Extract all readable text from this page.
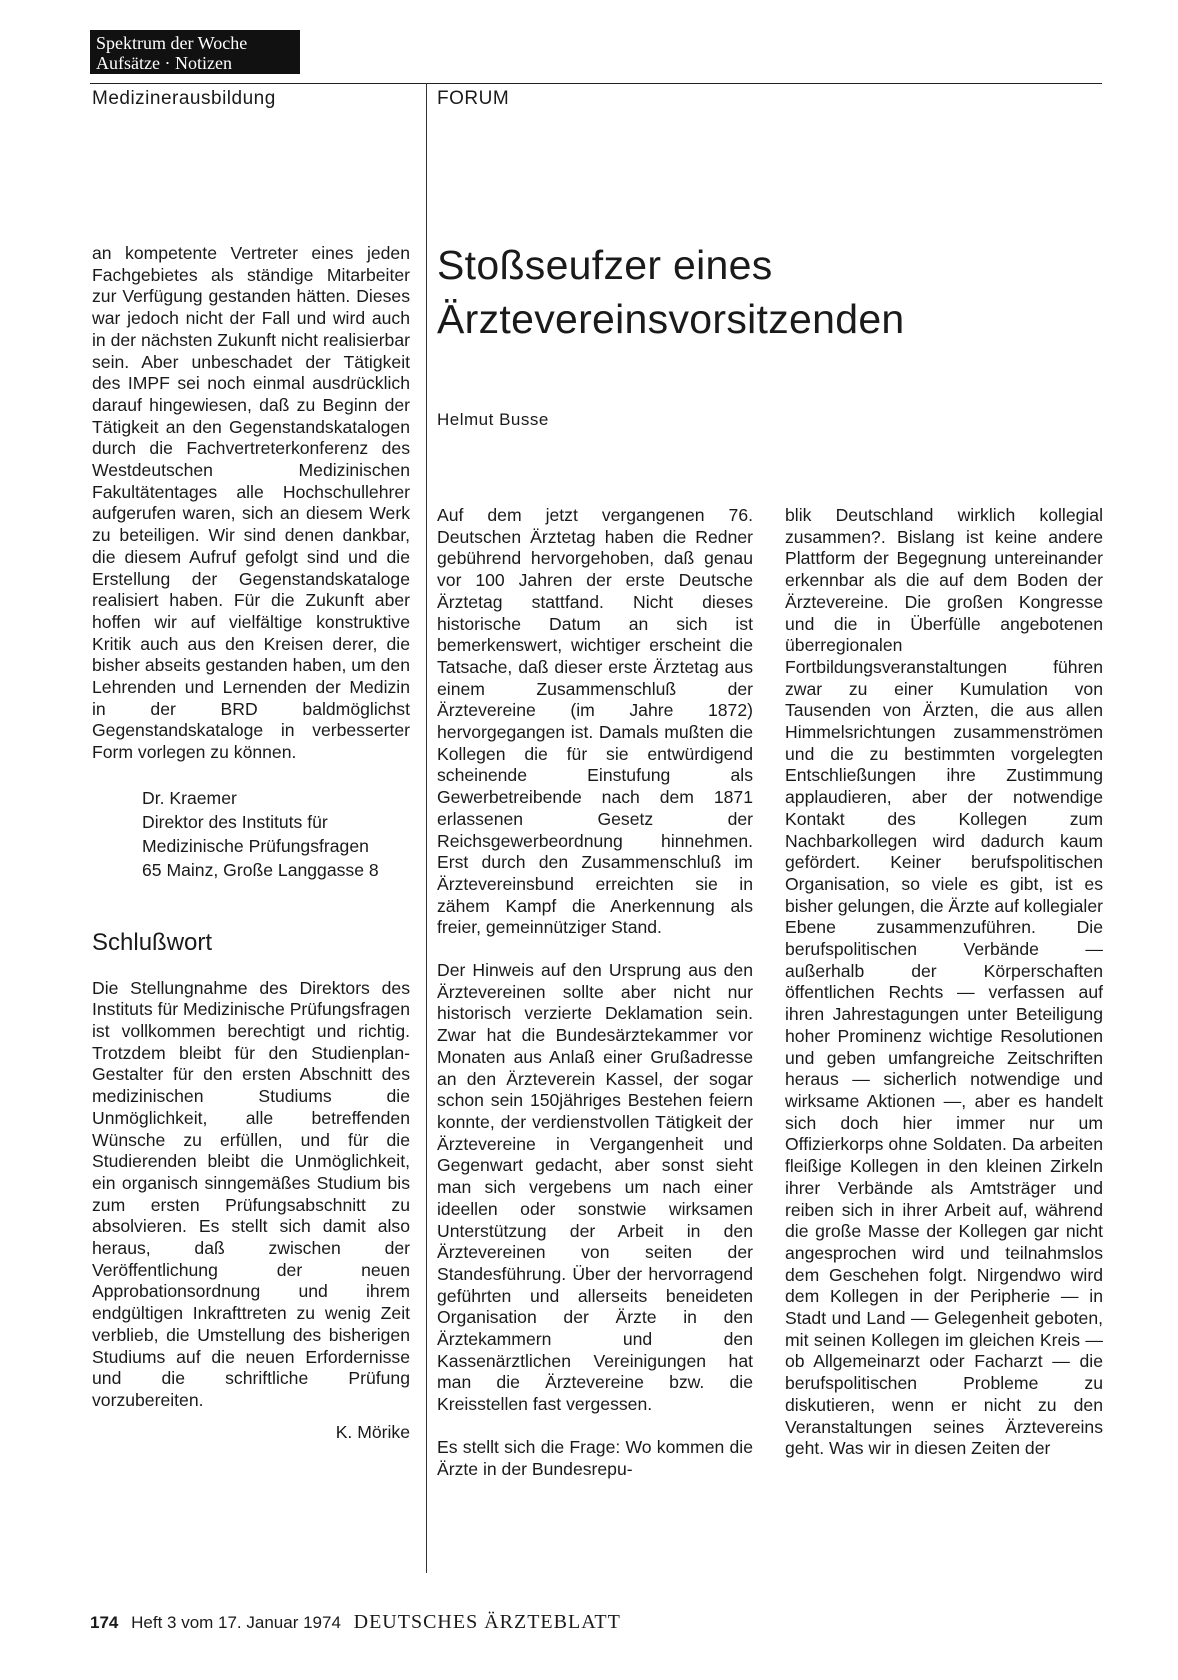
Spektrum der Woche
Aufsätze · Notizen
Medizinerausbildung	FORUM

an kompetente Vertreter eines jeden Fachgebietes als ständige Mitarbeiter zur Verfügung gestanden hätten. Dieses war jedoch nicht der Fall und wird auch in der nächsten Zukunft nicht realisierbar sein. Aber unbeschadet der Tätigkeit des IMPF sei noch einmal ausdrücklich darauf hingewiesen, daß zu Beginn der Tätigkeit an den Gegenstandskatalogen durch die Fachvertreterkonferenz des Westdeutschen Medizinischen Fakultätentages alle Hochschullehrer aufgerufen waren, sich an diesem Werk zu beteiligen. Wir sind denen dankbar, die diesem Aufruf gefolgt sind und die Erstellung der Gegenstandskataloge realisiert haben. Für die Zukunft aber hoffen wir auf vielfältige konstruktive Kritik auch aus den Kreisen derer, die bisher abseits gestanden haben, um den Lehrenden und Lernenden der Medizin in der BRD baldmöglichst Gegenstandskataloge in verbesserter Form vorlegen zu können.

Dr. Kraemer
Direktor des Instituts für
Medizinische Prüfungsfragen
65 Mainz, Große Langgasse 8
Schlußwort

Die Stellungnahme des Direktors des Instituts für Medizinische Prüfungsfragen ist vollkommen berechtigt und richtig. Trotzdem bleibt für den Studienplan-Gestalter für den ersten Abschnitt des medizinischen Studiums die Unmöglichkeit, alle betreffenden Wünsche zu erfüllen, und für die Studierenden bleibt die Unmöglichkeit, ein organisch sinngemäßes Studium bis zum ersten Prüfungsabschnitt zu absolvieren. Es stellt sich damit also heraus, daß zwischen der Veröffentlichung der neuen Approbationsordnung und ihrem endgültigen Inkrafttreten zu wenig Zeit verblieb, die Umstellung des bisherigen Studiums auf die neuen Erfordernisse und die schriftliche Prüfung vorzubereiten.

K. Mörike
Stoßseufzer eines
Ärztevereinsvorsitzenden
Helmut Busse

Auf dem jetzt vergangenen 76. Deutschen Ärztetag haben die Redner gebührend hervorgehoben, daß genau vor 100 Jahren der erste Deutsche Ärztetag stattfand. Nicht dieses historische Datum an sich ist bemerkenswert, wichtiger erscheint die Tatsache, daß dieser erste Ärztetag aus einem Zusammenschluß der Ärztevereine (im Jahre 1872) hervorgegangen ist. Damals mußten die Kollegen die für sie entwürdigend scheinende Einstufung als Gewerbetreibende nach dem 1871 erlassenen Gesetz der Reichsgewerbeordnung hinnehmen. Erst durch den Zusammenschluß im Ärztevereinsbund erreichten sie in zähem Kampf die Anerkennung als freier, gemeinnütziger Stand.

Der Hinweis auf den Ursprung aus den Ärztevereinen sollte aber nicht nur historisch verzierte Deklamation sein. Zwar hat die Bundesärztekammer vor Monaten aus Anlaß einer Grußadresse an den Ärzteverein Kassel, der sogar schon sein 150jähriges Bestehen feiern konnte, der verdienstvollen Tätigkeit der Ärztevereine in Vergangenheit und Gegenwart gedacht, aber sonst sieht man sich vergebens um nach einer ideellen oder sonstwie wirksamen Unterstützung der Arbeit in den Ärztevereinen von seiten der Standesführung. Über der hervorragend geführten und allerseits beneideten Organisation der Ärzte in den Ärztekammern und den Kassenärztlichen Vereinigungen hat man die Ärztevereine bzw. die Kreisstellen fast vergessen.

Es stellt sich die Frage: Wo kommen die Ärzte in der Bundesrepu-

blik Deutschland wirklich kollegial zusammen?. Bislang ist keine andere Plattform der Begegnung untereinander erkennbar als die auf dem Boden der Ärztevereine. Die großen Kongresse und die in Überfülle angebotenen überregionalen Fortbildungsveranstaltungen führen zwar zu einer Kumulation von Tausenden von Ärzten, die aus allen Himmelsrichtungen zusammenströmen und die zu bestimmten vorgelegten Entschließungen ihre Zustimmung applaudieren, aber der notwendige Kontakt des Kollegen zum Nachbarkollegen wird dadurch kaum gefördert. Keiner berufspolitischen Organisation, so viele es gibt, ist es bisher gelungen, die Ärzte auf kollegialer Ebene zusammenzuführen. Die berufspolitischen Verbände — außerhalb der Körperschaften öffentlichen Rechts — verfassen auf ihren Jahrestagungen unter Beteiligung hoher Prominenz wichtige Resolutionen und geben umfangreiche Zeitschriften heraus — sicherlich notwendige und wirksame Aktionen —, aber es handelt sich doch hier immer nur um Offizierkorps ohne Soldaten. Da arbeiten fleißige Kollegen in den kleinen Zirkeln ihrer Verbände als Amtsträger und reiben sich in ihrer Arbeit auf, während die große Masse der Kollegen gar nicht angesprochen wird und teilnahmslos dem Geschehen folgt. Nirgendwo wird dem Kollegen in der Peripherie — in Stadt und Land — Gelegenheit geboten, mit seinen Kollegen im gleichen Kreis — ob Allgemeinarzt oder Facharzt — die berufspolitischen Probleme zu diskutieren, wenn er nicht zu den Veranstaltungen seines Ärztevereins geht. Was wir in diesen Zeiten der

174 Heft 3 vom 17. Januar 1974 DEUTSCHES ÄRZTEBLATT
